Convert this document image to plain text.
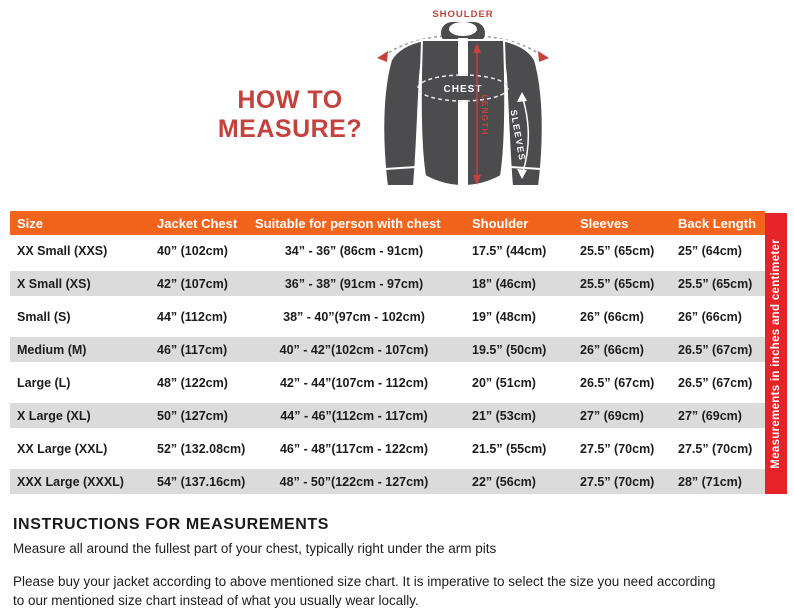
HOW TO
MEASURE?
SHOULDER
CHEST
LENGTH SLEEVES
Size	Jacket Chest	Suitable for person with chest	Shoulder	Sleeves	Back Length
XX Small (XXS)	40” (102cm)	34” - 36” (86cm - 91cm)	17.5” (44cm)	25.5” (65cm)	25” (64cm)
X Small (XS)	42” (107cm)	36” - 38” (91cm - 97cm)	18” (46cm)	25.5” (65cm)	25.5” (65cm)
Small (S)	44” (112cm)	38” - 40”(97cm - 102cm)	19” (48cm)	26” (66cm)	26” (66cm)
Medium (M)	46” (117cm)	40” - 42”(102cm - 107cm)	19.5” (50cm)	26” (66cm)	26.5” (67cm)
Large (L)	48” (122cm)	42” - 44”(107cm - 112cm)	20” (51cm)	26.5” (67cm)	26.5” (67cm)
X Large (XL)	50” (127cm)	44” - 46”(112cm - 117cm)	21” (53cm)	27” (69cm)	27” (69cm)
XX Large (XXL)	52” (132.08cm)	46” - 48”(117cm - 122cm)	21.5” (55cm)	27.5” (70cm)	27.5” (70cm)
XXX Large (XXXL)	54” (137.16cm)	48” - 50”(122cm - 127cm)	22” (56cm)	27.5” (70cm)	28” (71cm)
Measurements in inches and centimeter
INSTRUCTIONS FOR MEASUREMENTS
Measure all around the fullest part of your chest, typically right under the arm pits
Please buy your jacket according to above mentioned size chart. It is imperative to select the size you need according
to our mentioned size chart instead of what you usually wear locally.
